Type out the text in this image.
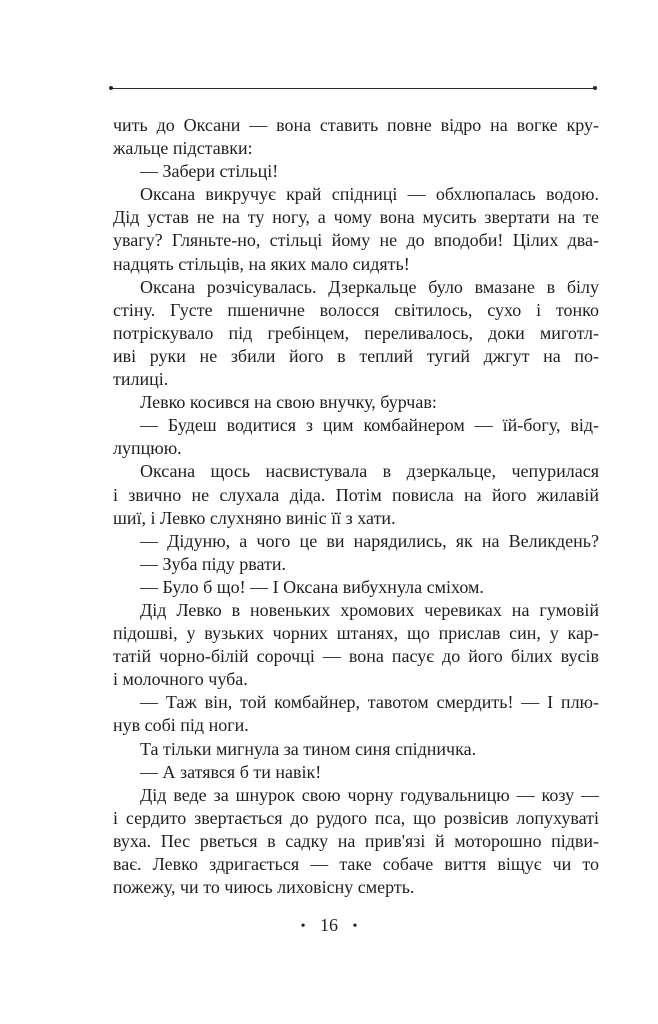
чить до Оксани — вона ставить повне відро на вогке кру-
жальце підставки:
— Забери стільці!
Оксана викручує край спідниці — обхлюпалась водою.
Дід устав не на ту ногу, а чому вона мусить звертати на те
увагу? Гляньте-но, стільці йому не до вподоби! Цілих два-
надцять стільців, на яких мало сидять!
Оксана розчісувалась. Дзеркальце було вмазане в білу
стіну. Густе пшеничне волосся світилось, сухо і тонко
потріскувало під гребінцем, переливалось, доки миготл-
иві руки не збили його в теплий тугий джгут на по-
тилиці.
Левко косився на свою внучку, бурчав:
— Будеш водитися з цим комбайнером — їй-богу, від-
лупцюю.
Оксана щось насвистувала в дзеркальце, чепурилася
і звично не слухала діда. Потім повисла на його жилавій
шиї, і Левко слухняно виніс її з хати.
— Дідуню, а чого це ви нарядились, як на Великдень?
— Зуба піду рвати.
— Було б що! — І Оксана вибухнула сміхом.
Дід Левко в новеньких хромових черевиках на гумовій
підошві, у вузьких чорних штанях, що прислав син, у кар-
татій чорно-білій сорочці — вона пасує до його білих вусів
і молочного чуба.
— Таж він, той комбайнер, тавотом смердить! — І плю-
нув собі під ноги.
Та тільки мигнула за тином синя спідничка.
— А затявся б ти навік!
Дід веде за шнурок свою чорну годувальницю — козу —
і сердито звертається до рудого пса, що розвісив лопухуваті
вуха. Пес рветься в садку на прив'язі й моторошно підви-
ває. Левко здригається — таке собаче виття віщує чи то
пожежу, чи то чиюсь лиховісну смерть.
• 16 •
